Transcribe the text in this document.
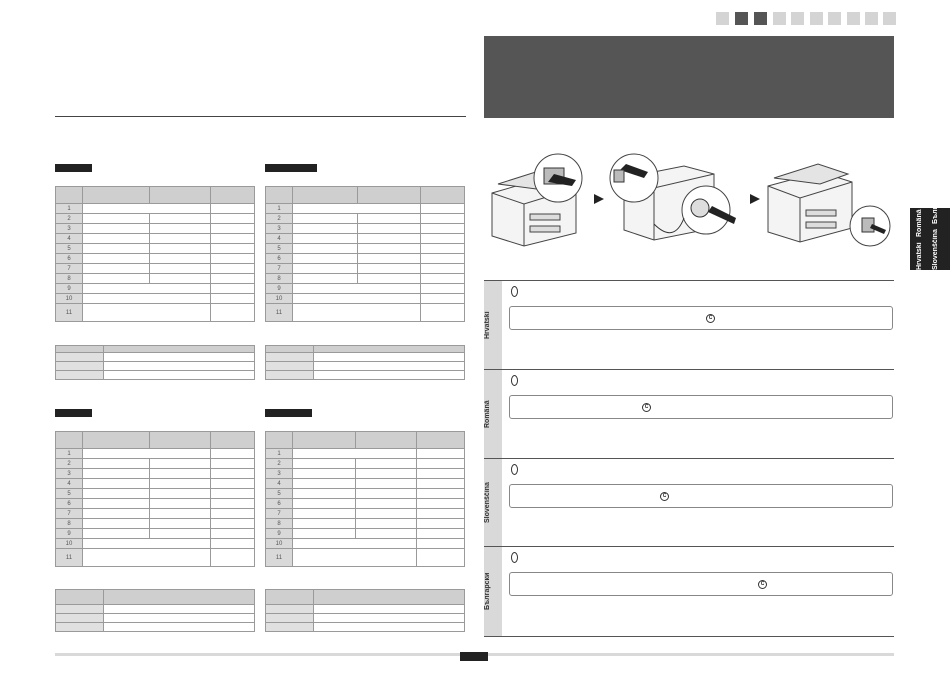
1			
2			
3			
4			
5			
6			
7			
8			
9			
10			
11			

1			
2			
3			
4			
5			
6			
7			
8			
9			
10			
11			

1			
2			
3			
4			
5			
6			
7			
8			
9			
10			
11			

1			
2			
3			
4			
5			
6			
7			
8			
9			
10			
11			

Hrvatski	C
Română	C
Slovenščina	C
Български	C
Hrvatski
Română
Slovenščina
Български
